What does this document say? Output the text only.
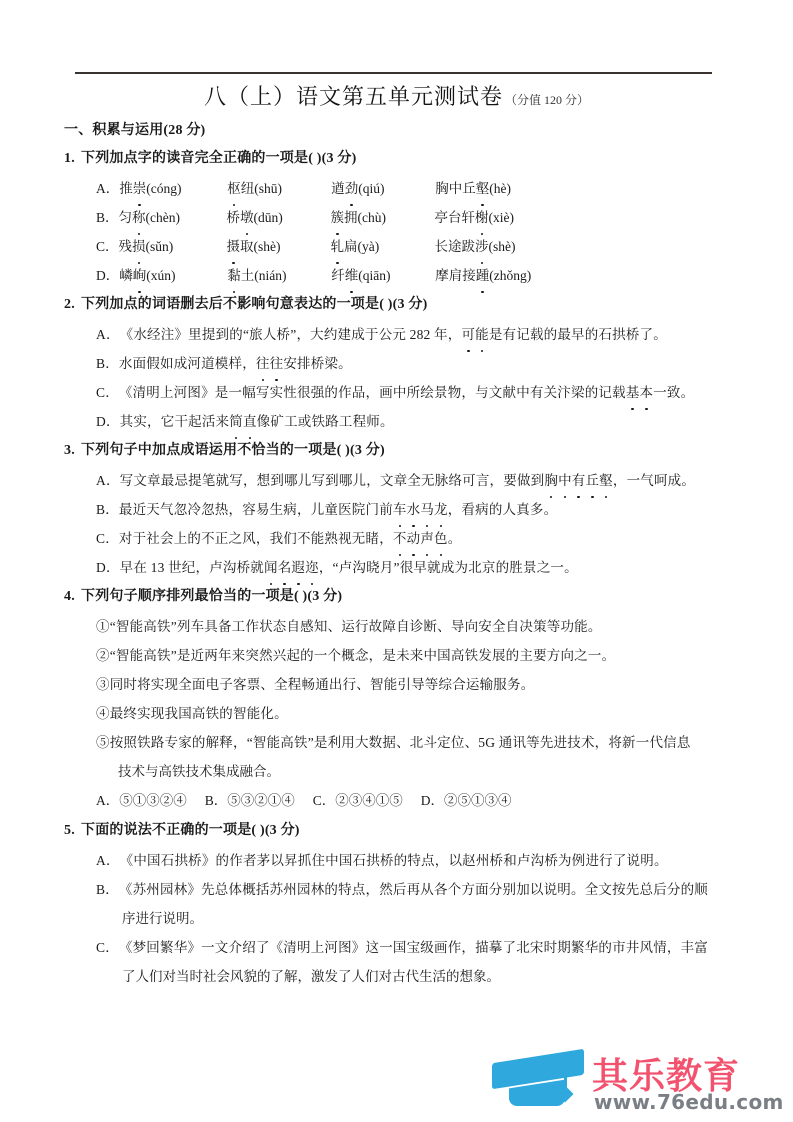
八（上）语文第五单元测试卷 （分值 120 分）
一、积累与运用(28 分)
1. 下列加点字的读音完全正确的一项是( )(3 分)
A．推崇(cóng)	枢纽(shū)	遒劲(qiú)	胸中丘壑(hè)
B．匀称(chèn)	桥墩(dūn)	簇拥(chù)	亭台轩榭(xiè)
C．残损(sǔn)	摄取(shè)	轧扁(yà)	长途跋涉(shè)
D．嶙峋(xún)	黏土(nián)	纤维(qiān)	摩肩接踵(zhǒng)
2. 下列加点的词语删去后不影响句意表达的一项是( )(3 分)
A．《水经注》里提到的“旅人桥”，大约建成于公元 282 年，可能是有记载的最早的石拱桥了。
B．水面假如成河道模样，往往安排桥梁。
C．《清明上河图》是一幅写实性很强的作品，画中所绘景物，与文献中有关汴梁的记载基本一致。
D．其实，它干起活来简直像矿工或铁路工程师。
3. 下列句子中加点成语运用不恰当的一项是( )(3 分)
A．写文章最忌提笔就写，想到哪儿写到哪儿，文章全无脉络可言，要做到胸中有丘壑，一气呵成。
B．最近天气忽冷忽热，容易生病，儿童医院门前车水马龙，看病的人真多。
C．对于社会上的不正之风，我们不能熟视无睹，不动声色。
D．早在 13 世纪，卢沟桥就闻名遐迩，“卢沟晓月”很早就成为北京的胜景之一。
4. 下列句子顺序排列最恰当的一项是( )(3 分)
①“智能高铁”列车具备工作状态自感知、运行故障自诊断、导向安全自决策等功能。
②“智能高铁”是近两年来突然兴起的一个概念，是未来中国高铁发展的主要方向之一。
③同时将实现全面电子客票、全程畅通出行、智能引导等综合运输服务。
④最终实现我国高铁的智能化。
⑤按照铁路专家的解释，“智能高铁”是利用大数据、北斗定位、5G 通讯等先进技术，将新一代信息
技术与高铁技术集成融合。
A．⑤①③②④ B．⑤③②①④ C．②③④①⑤ D．②⑤①③④
5. 下面的说法不正确的一项是( )(3 分)
A．《中国石拱桥》的作者茅以昇抓住中国石拱桥的特点，以赵州桥和卢沟桥为例进行了说明。
B．《苏州园林》先总体概括苏州园林的特点，然后再从各个方面分别加以说明。全文按先总后分的顺
序进行说明。
C．《梦回繁华》一文介绍了《清明上河图》这一国宝级画作，描摹了北宋时期繁华的市井风情，丰富
了人们对当时社会风貌的了解，激发了人们对古代生活的想象。
其乐教育
www.76edu.com
